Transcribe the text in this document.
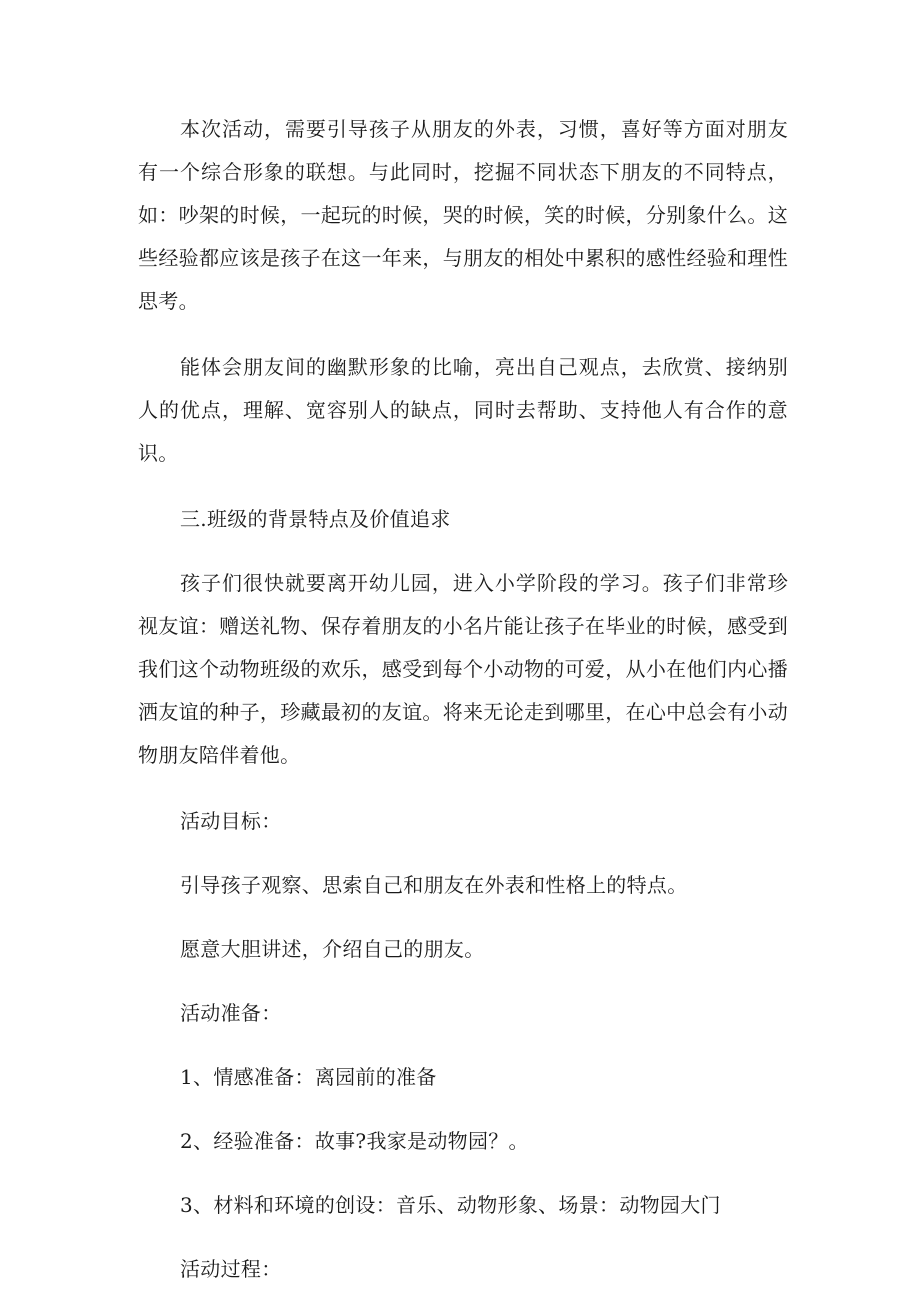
本次活动，需要引导孩子从朋友的外表，习惯，喜好等方面对朋友有一个综合形象的联想。与此同时，挖掘不同状态下朋友的不同特点，如：吵架的时候，一起玩的时候，哭的时候，笑的时候，分别象什么。这些经验都应该是孩子在这一年来，与朋友的相处中累积的感性经验和理性思考。

能体会朋友间的幽默形象的比喻，亮出自己观点，去欣赏、接纳别人的优点，理解、宽容别人的缺点，同时去帮助、支持他人有合作的意识。

三.班级的背景特点及价值追求

孩子们很快就要离开幼儿园，进入小学阶段的学习。孩子们非常珍视友谊：赠送礼物、保存着朋友的小名片能让孩子在毕业的时候，感受到我们这个动物班级的欢乐，感受到每个小动物的可爱，从小在他们内心播洒友谊的种子，珍藏最初的友谊。将来无论走到哪里，在心中总会有小动物朋友陪伴着他。

活动目标：

引导孩子观察、思索自己和朋友在外表和性格上的特点。

愿意大胆讲述，介绍自己的朋友。

活动准备：

1、情感准备：离园前的准备

2、经验准备：故事?我家是动物园？。

3、材料和环境的创设：音乐、动物形象、场景：动物园大门

活动过程：
